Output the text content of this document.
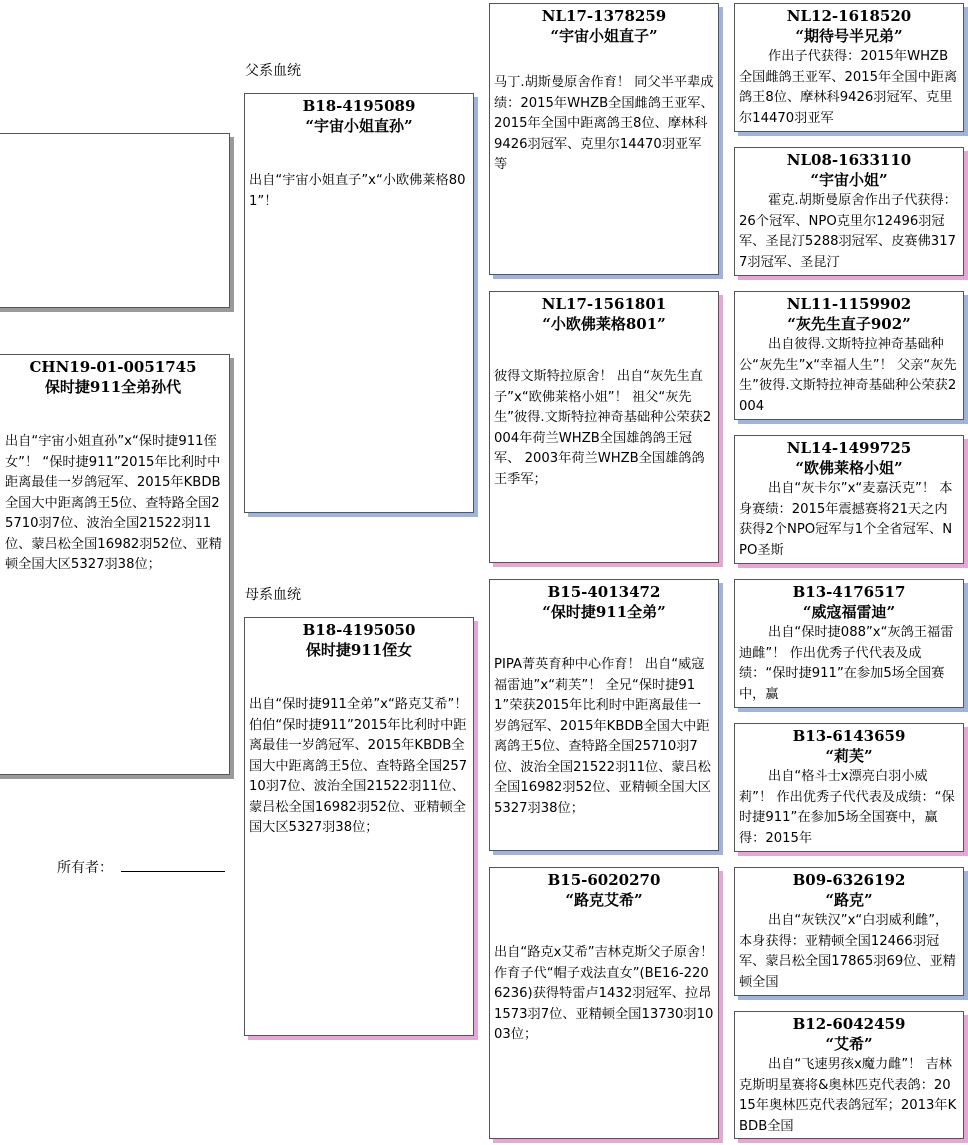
父系血统
母系血统
CHN19-01-0051745
保时捷911全弟孙代
出自“宇宙小姐直孙”x“保时捷911侄女”！ “保时捷911”2015年比利时中距离最佳一岁鸽冠军、2015年KBDB全国大中距离鸽王5位、查特路全国25710羽7位、波治全国21522羽11位、蒙吕松全国16982羽52位、亚精顿全国大区5327羽38位；
所有者：
B18-4195089
“宇宙小姐直孙”
出自“宇宙小姐直子”x“小欧佛莱格801”！
B18-4195050
保时捷911侄女
出自“保时捷911全弟”x“路克艾希”！ 伯伯“保时捷911”2015年比利时中距离最佳一岁鸽冠军、2015年KBDB全国大中距离鸽王5位、查特路全国25710羽7位、波治全国21522羽11位、蒙吕松全国16982羽52位、亚精顿全国大区5327羽38位；
NL17-1378259
“宇宙小姐直子”
马丁.胡斯曼原舍作育！ 同父半平辈成绩：2015年WHZB全国雌鸽王亚军、2015年全国中距离鸽王8位、摩林科9426羽冠军、克里尔14470羽亚军等
NL17-1561801
“小欧佛莱格801”
彼得文斯特拉原舍！ 出自“灰先生直子”x“欧佛莱格小姐”！ 祖父“灰先生”彼得.文斯特拉神奇基础种公荣获2004年荷兰WHZB全国雄鸽鸽王冠军、 2003年荷兰WHZB全国雄鸽鸽王季军；
B15-4013472
“保时捷911全弟”
PIPA菁英育种中心作育！ 出自“威寇福雷迪”x“莉芙”！ 全兄“保时捷911”荣获2015年比利时中距离最佳一岁鸽冠军、2015年KBDB全国大中距离鸽王5位、查特路全国25710羽7位、波治全国21522羽11位、蒙吕松全国16982羽52位、亚精顿全国大区5327羽38位；
B15-6020270
“路克艾希”
出自“路克x艾希”吉林克斯父子原舍！ 作育子代“帽子戏法直女”(BE16-2206236)获得特雷卢1432羽冠军、拉昂1573羽7位、亚精顿全国13730羽1003位；
NL12-1618520
“期待号半兄弟”
作出子代获得：2015年WHZB全国雌鸽王亚军、2015年全国中距离鸽王8位、摩林科9426羽冠军、克里尔14470羽亚军
NL08-1633110
“宇宙小姐”
霍克.胡斯曼原舍作出子代获得：26个冠军、NPO克里尔12496羽冠军、圣昆汀5288羽冠军、皮赛佛3177羽冠军、圣昆汀
NL11-1159902
“灰先生直子902”
出自彼得.文斯特拉神奇基础种公“灰先生”x“幸福人生”！ 父亲“灰先生”彼得.文斯特拉神奇基础种公荣获2004
NL14-1499725
“欧佛莱格小姐”
出自“灰卡尔”x“麦嘉沃克”！ 本身赛绩：2015年震撼赛将21天之内获得2个NPO冠军与1个全省冠军、NPO圣斯
B13-4176517
“威寇福雷迪”
出自“保时捷088”x“灰鸽王福雷迪雌”！ 作出优秀子代代表及成绩：“保时捷911”在参加5场全国赛中，赢
B13-6143659
“莉芙”
出自“格斗士x漂亮白羽小威莉”！ 作出优秀子代代表及成绩：“保时捷911”在参加5场全国赛中，赢得：2015年
B09-6326192
“路克”
出自“灰铁汉”x“白羽威利雌”，本身获得：亚精顿全国12466羽冠军、蒙吕松全国17865羽69位、亚精顿全国
B12-6042459
“艾希”
出自“飞速男孩x魔力雌”！ 吉林克斯明星赛将&奥林匹克代表鸽：2015年奥林匹克代表鸽冠军；2013年KBDB全国
